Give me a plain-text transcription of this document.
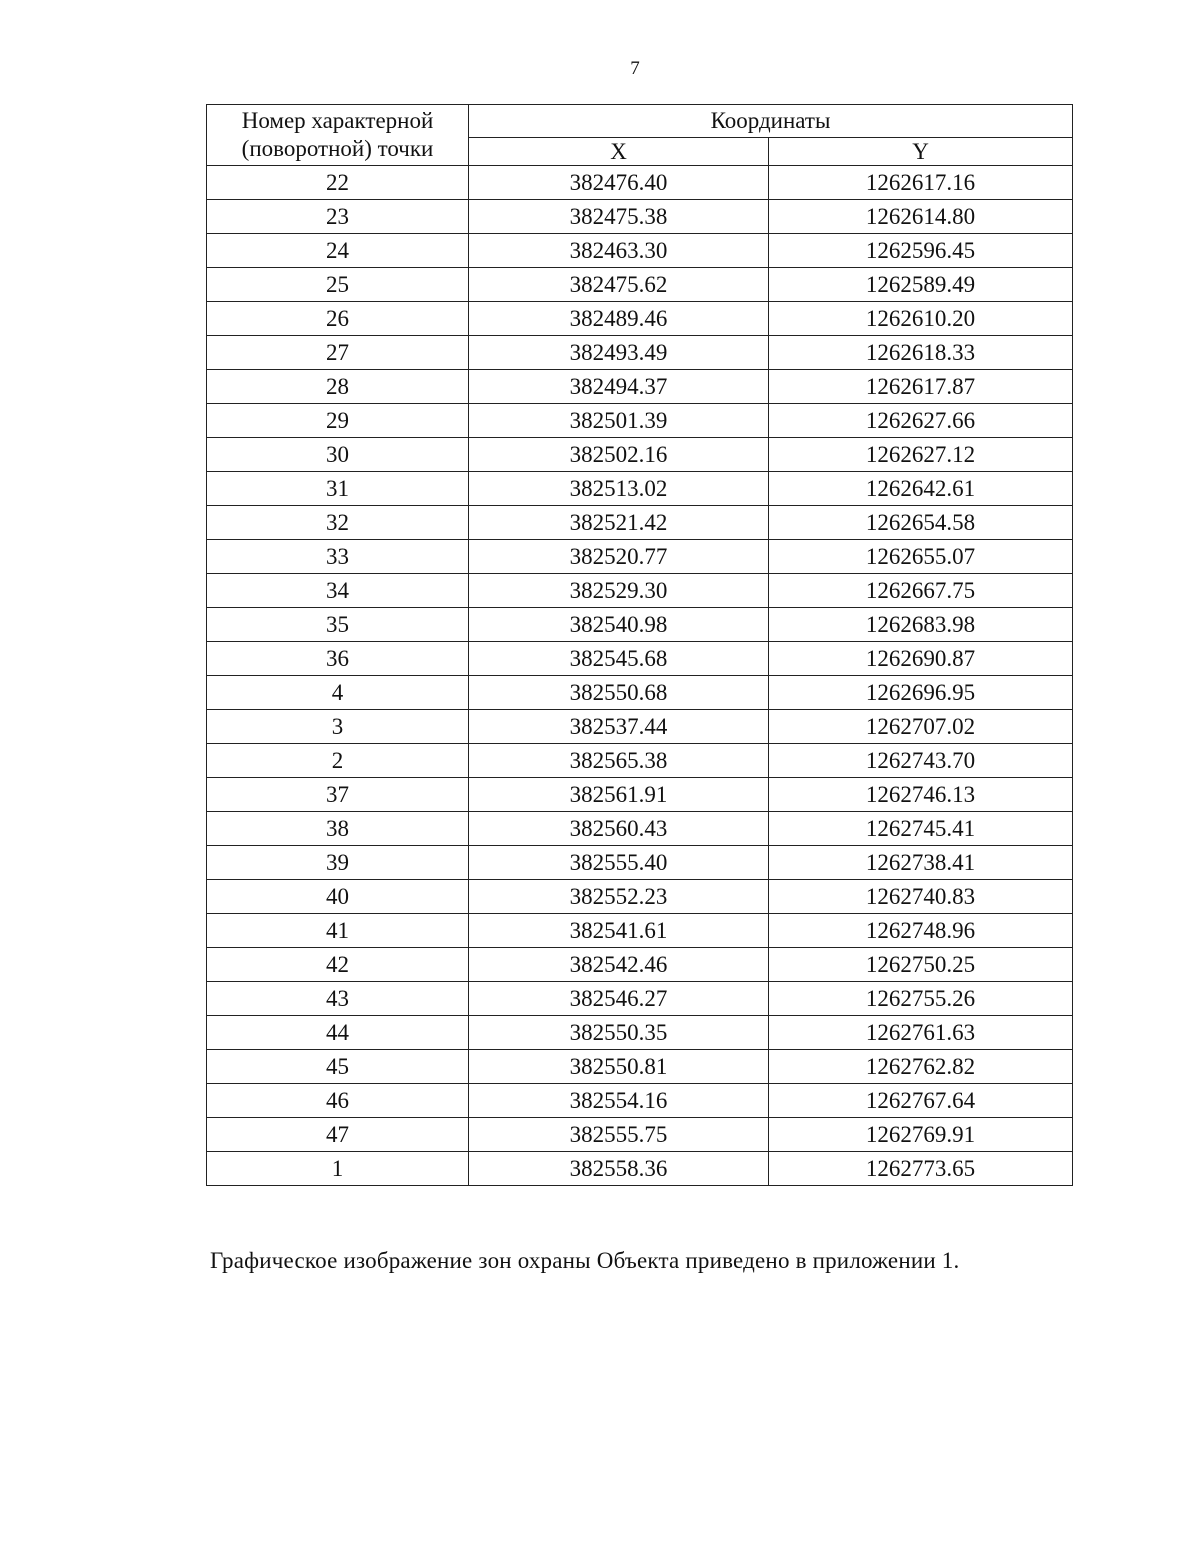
7
Номер характерной (поворотной) точки	Координаты	
	X	Y
22	382476.40	1262617.16
23	382475.38	1262614.80
24	382463.30	1262596.45
25	382475.62	1262589.49
26	382489.46	1262610.20
27	382493.49	1262618.33
28	382494.37	1262617.87
29	382501.39	1262627.66
30	382502.16	1262627.12
31	382513.02	1262642.61
32	382521.42	1262654.58
33	382520.77	1262655.07
34	382529.30	1262667.75
35	382540.98	1262683.98
36	382545.68	1262690.87
4	382550.68	1262696.95
3	382537.44	1262707.02
2	382565.38	1262743.70
37	382561.91	1262746.13
38	382560.43	1262745.41
39	382555.40	1262738.41
40	382552.23	1262740.83
41	382541.61	1262748.96
42	382542.46	1262750.25
43	382546.27	1262755.26
44	382550.35	1262761.63
45	382550.81	1262762.82
46	382554.16	1262767.64
47	382555.75	1262769.91
1	382558.36	1262773.65
Графическое изображение зон охраны Объекта приведено в приложении 1.
